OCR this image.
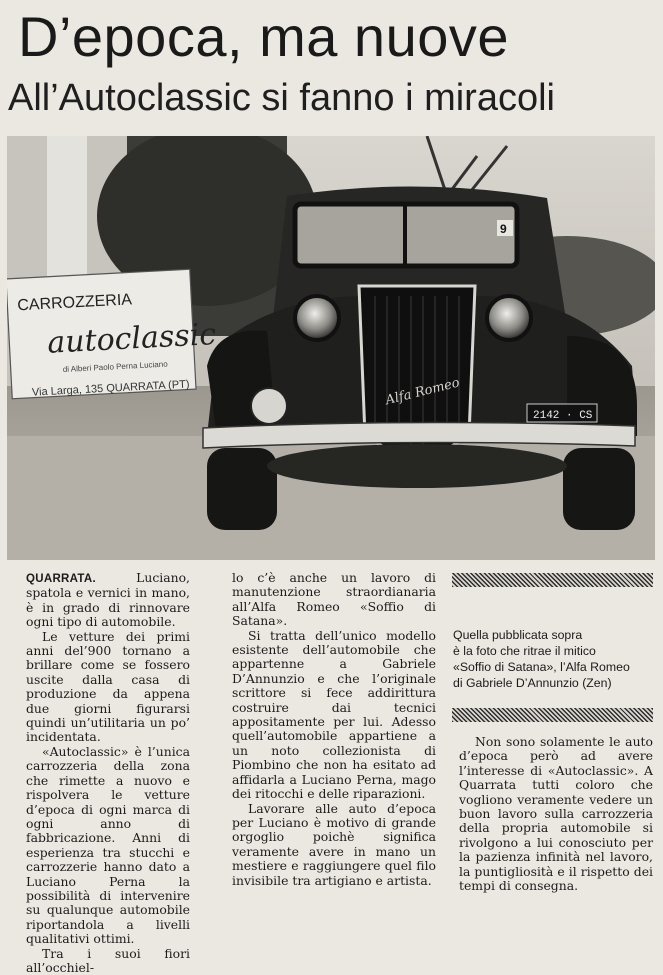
D’epoca, ma nuove
All’Autoclassic si fanno i miracoli
CARROZZERIA
autoclassic
di Alberi Paolo Perna Luciano
Via Larga, 135 QUARRATA (PT)
9
Alfa Romeo
2142 · CS

QUARRATA.	Luciano, spatola e vernici in mano, è in grado di rinnovare ogni tipo di automobile.

Le vetture dei primi anni del’900 tornano a brillare come se fossero uscite dalla casa di produzione da appena due giorni figurarsi quindi un’utilitaria un po’ incidentata.

«Autoclassic» è l’unica carrozzeria della zona che rimette a nuovo e rispolvera le vetture d’epoca di ogni marca di ogni anno di fabbricazione. Anni di esperienza tra stucchi e carrozzerie hanno dato a Luciano Perna la possibilità di intervenire su qualunque automobile riportandola a livelli qualitativi ottimi.

Tra i suoi fiori all’occhiel-

lo c’è anche un lavoro di manutenzione straordianaria all’Alfa Romeo «Soffio di Satana».

Si tratta dell’unico modello esistente dell’automobile che appartenne a Gabriele D’Annunzio e che l’originale scrittore si fece addirittura costruire dai tecnici appositamente per lui. Adesso quell’automobile appartiene a un noto collezionista di Piombino che non ha esitato ad affidarla a Luciano Perna, mago dei ritocchi e delle riparazioni.

Lavorare alle auto d’epoca per Luciano è motivo di grande orgoglio poichè significa veramente avere in mano un mestiere e raggiungere quel filo invisibile tra artigiano e artista.

Quella pubblicata sopra

è la foto che ritrae il mitico

«Soffio di Satana», l’Alfa Romeo

di Gabriele D’Annunzio (Zen)

Non sono solamente le auto d’epoca però ad avere l’interesse di «Autoclassic». A Quarrata tutti coloro che vogliono veramente vedere un buon lavoro sulla carrozzeria della propria automobile si rivolgono a lui conosciuto per la pazienza infinità nel lavoro, la puntigliosità e il rispetto dei tempi di consegna.
